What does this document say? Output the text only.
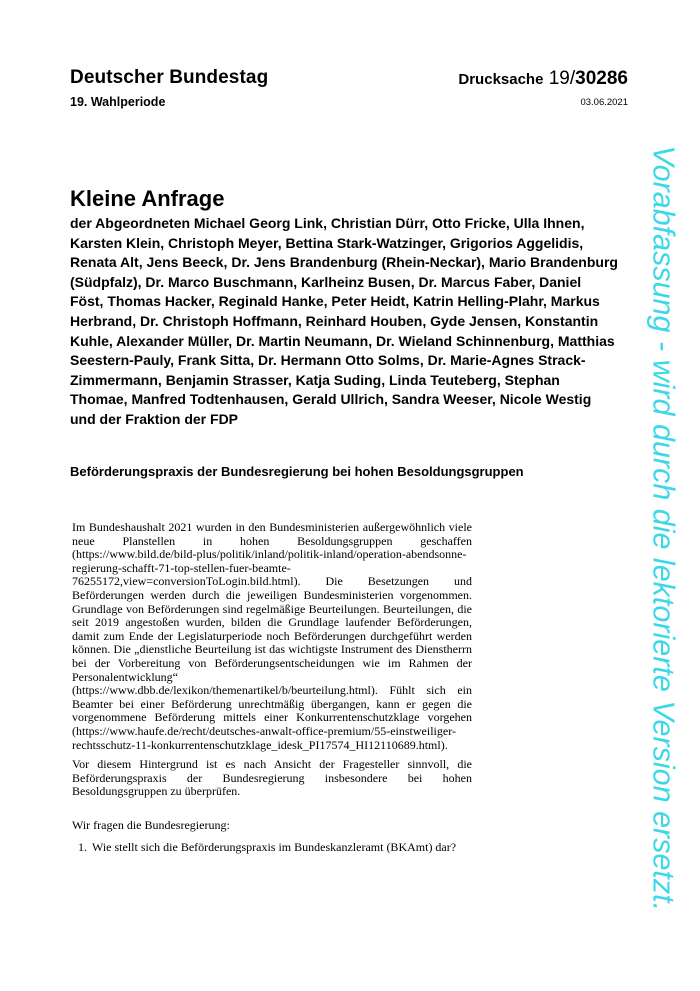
Deutscher Bundestag
19. Wahlperiode
Drucksache 19/30286
03.06.2021
Vorabfassung - wird durch die lektorierte Version ersetzt.
Kleine Anfrage
der Abgeordneten Michael Georg Link, Christian Dürr, Otto Fricke, Ulla Ihnen, Karsten Klein, Christoph Meyer, Bettina Stark-Watzinger, Grigorios Aggelidis, Renata Alt, Jens Beeck, Dr. Jens Brandenburg (Rhein-Neckar), Mario Brandenburg (Südpfalz), Dr. Marco Buschmann, Karlheinz Busen, Dr. Marcus Faber, Daniel Föst, Thomas Hacker, Reginald Hanke, Peter Heidt, Katrin Helling-Plahr, Markus Herbrand, Dr. Christoph Hoffmann, Reinhard Houben, Gyde Jensen, Konstantin Kuhle, Alexander Müller, Dr. Martin Neumann, Dr. Wieland Schinnenburg, Matthias Seestern-Pauly, Frank Sitta, Dr. Hermann Otto Solms, Dr. Marie-Agnes Strack-Zimmermann, Benjamin Strasser, Katja Suding, Linda Teuteberg, Stephan Thomae, Manfred Todtenhausen, Gerald Ullrich, Sandra Weeser, Nicole Westig und der Fraktion der FDP
Beförderungspraxis der Bundesregierung bei hohen Besoldungsgruppen

Im Bundeshaushalt 2021 wurden in den Bundesministerien außergewöhnlich viele neue Planstellen in hohen Besoldungsgruppen geschaffen (https://www.bild.de/bild-plus/politik/inland/politik-inland/operation-abendsonne-regierung-schafft-71-top-stellen-fuer-beamte-76255172,view=conversionToLogin.bild.html). Die Besetzungen und Beförderungen werden durch die jeweiligen Bundesministerien vorgenommen. Grundlage von Beförderungen sind regelmäßige Beurteilungen. Beurteilungen, die seit 2019 angestoßen wurden, bilden die Grundlage laufender Beförderungen, damit zum Ende der Legislaturperiode noch Beförderungen durchgeführt werden können. Die „dienstliche Beurteilung ist das wichtigste Instrument des Dienstherrn bei der Vorbereitung von Beförderungsentscheidungen wie im Rahmen der Personalentwicklung“ (https://www.dbb.de/lexikon/themenartikel/b/beurteilung.html). Fühlt sich ein Beamter bei einer Beförderung unrechtmäßig übergangen, kann er gegen die vorgenommene Beförderung mittels einer Konkurrentenschutzklage vorgehen (https://www.haufe.de/recht/deutsches-anwalt-office-premium/55-einstweiliger-rechtsschutz-11-konkurrentenschutzklage_idesk_PI17574_HI12110689.html).

Vor diesem Hintergrund ist es nach Ansicht der Fragesteller sinnvoll, die Beförderungspraxis der Bundesregierung insbesondere bei hohen Besoldungsgruppen zu überprüfen.

Wir fragen die Bundesregierung:

1. Wie stellt sich die Beförderungspraxis im Bundeskanzleramt (BKAmt) dar?
